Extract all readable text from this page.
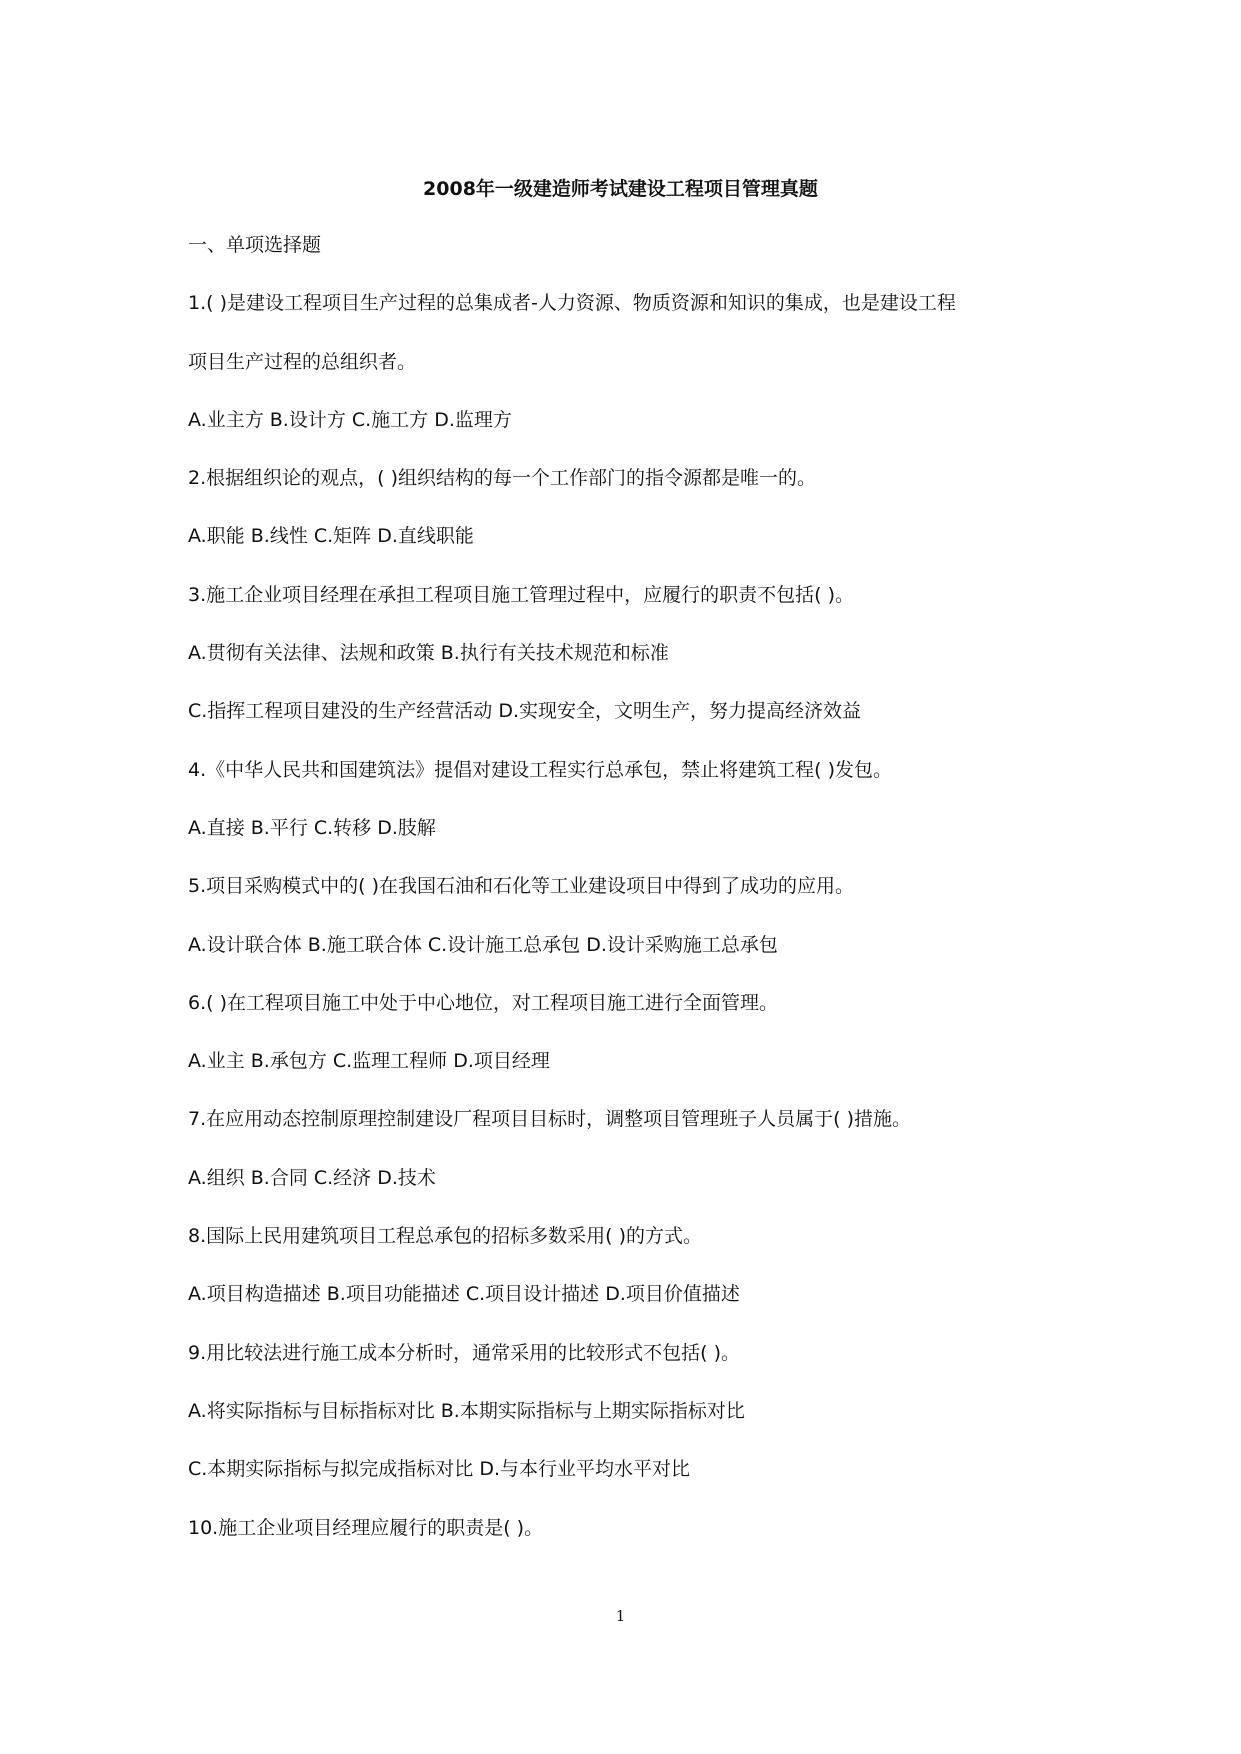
2008年一级建造师考试建设工程项目管理真题
一、单项选择题
1.( )是建设工程项目生产过程的总集成者-人力资源、物质资源和知识的集成，也是建设工程
项目生产过程的总组织者。
A.业主方 B.设计方 C.施工方 D.监理方
2.根据组织论的观点，( )组织结构的每一个工作部门的指令源都是唯一的。
A.职能 B.线性 C.矩阵 D.直线职能
3.施工企业项目经理在承担工程项目施工管理过程中，应履行的职责不包括( )。
A.贯彻有关法律、法规和政策 B.执行有关技术规范和标准
C.指挥工程项目建没的生产经营活动 D.实现安全，文明生产，努力提高经济效益
4.《中华人民共和国建筑法》提倡对建设工程实行总承包，禁止将建筑工程( )发包。
A.直接 B.平行 C.转移 D.肢解
5.项目采购模式中的( )在我国石油和石化等工业建设项目中得到了成功的应用。
A.设计联合体 B.施工联合体 C.设计施工总承包 D.设计采购施工总承包
6.( )在工程项目施工中处于中心地位，对工程项目施工进行全面管理。
A.业主 B.承包方 C.监理工程师 D.项目经理
7.在应用动态控制原理控制建设厂程项目目标时，调整项目管理班子人员属于( )措施。
A.组织 B.合同 C.经济 D.技术
8.国际上民用建筑项目工程总承包的招标多数采用( )的方式。
A.项目构造描述 B.项目功能描述 C.项目设计描述 D.项目价值描述
9.用比较法进行施工成本分析时，通常采用的比较形式不包括( )。
A.将实际指标与目标指标对比 B.本期实际指标与上期实际指标对比
C.本期实际指标与拟完成指标对比 D.与本行业平均水平对比
10.施工企业项目经理应履行的职责是( )。
1
